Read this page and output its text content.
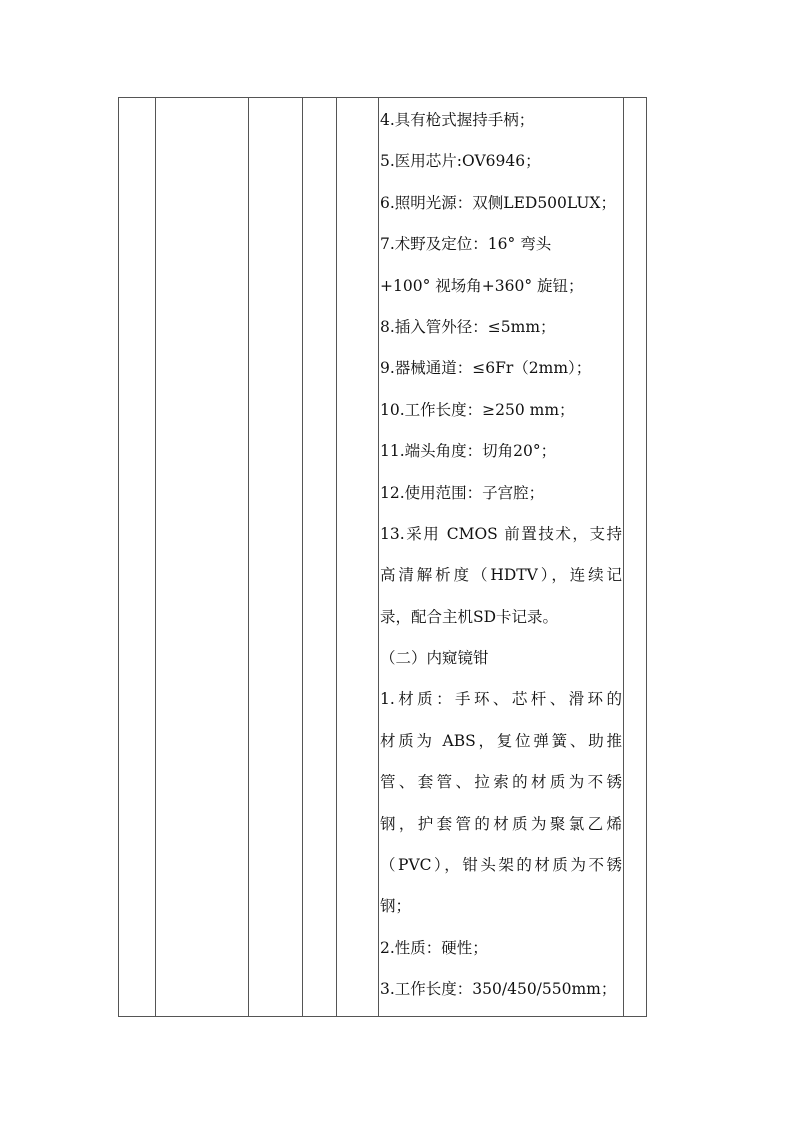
4.具有枪式握持手柄；
5.医用芯片:OV6946；
6.照明光源：双侧LED500LUX；
7.术野及定位：16° 弯头
+100° 视场角+360° 旋钮；
8.插入管外径：≤5mm；
9.器械通道：≤6Fr（2mm）；
10.工作长度：≥250 mm；
11.端头角度：切角20°；
12.使用范围：子宫腔；
13.采用 CMOS 前置技术，支持
高清解析度（HDTV），连续记
录，配合主机SD卡记录。
（二）内窥镜钳
1.材质：手环、芯杆、滑环的
材质为 ABS，复位弹簧、助推
管、套管、拉索的材质为不锈
钢，护套管的材质为聚氯乙烯
（PVC），钳头架的材质为不锈
钢；
2.性质：硬性；
3.工作长度：350/450/550mm；
